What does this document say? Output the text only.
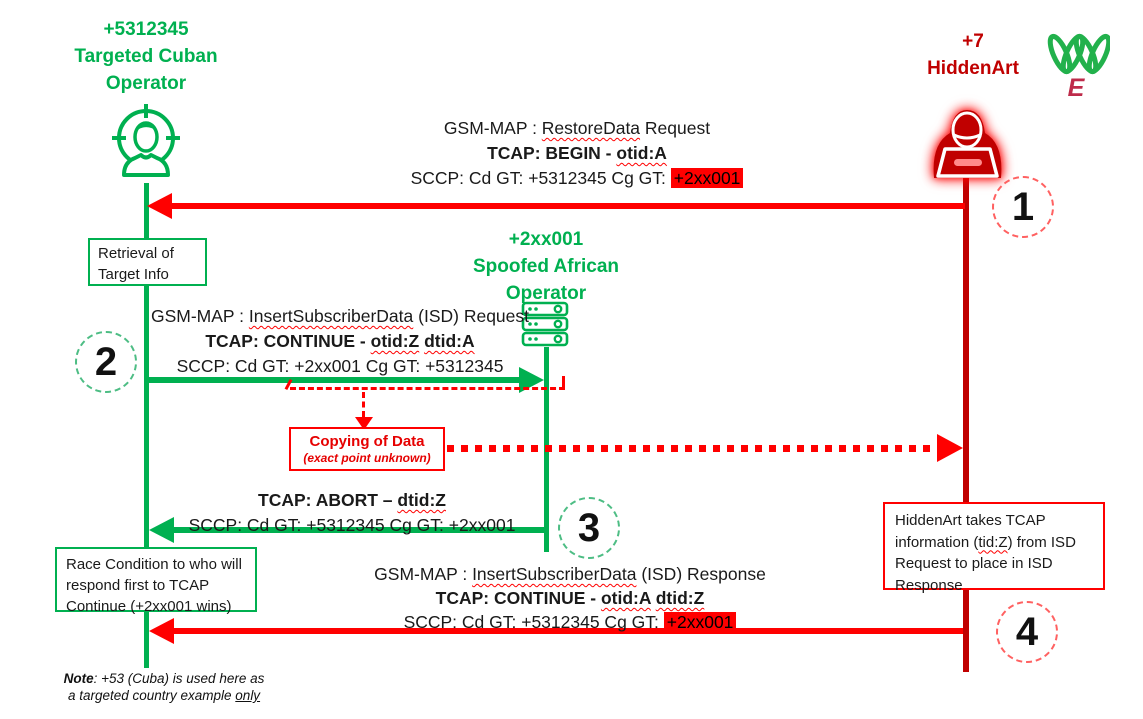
+5312345
Targeted Cuban
Operator
+2xx001
Spoofed African
Operator
+7
HiddenArt
E
GSM-MAP : RestoreData Request
TCAP: BEGIN - otid:A
SCCP: Cd GT: +5312345 Cg GT: +2xx001
1
Retrieval of Target Info
GSM-MAP : InsertSubscriberData (ISD) Request
TCAP: CONTINUE - otid:Z dtid:A
SCCP: Cd GT: +2xx001 Cg GT: +5312345
2
Copying of Data
(exact point unknown)
TCAP: ABORT – dtid:Z
SCCP: Cd GT: +5312345 Cg GT: +2xx001 3
Race Condition to who will respond first to TCAP Continue (+2xx001 wins)
HiddenArt takes TCAP information (tid:Z) from ISD Request to place in ISD Response
GSM-MAP : InsertSubscriberData (ISD) Response
TCAP: CONTINUE - otid:A dtid:Z
SCCP: Cd GT: +5312345 Cg GT: +2xx001	4
Note: +53 (Cuba) is used here as
a targeted country example only
